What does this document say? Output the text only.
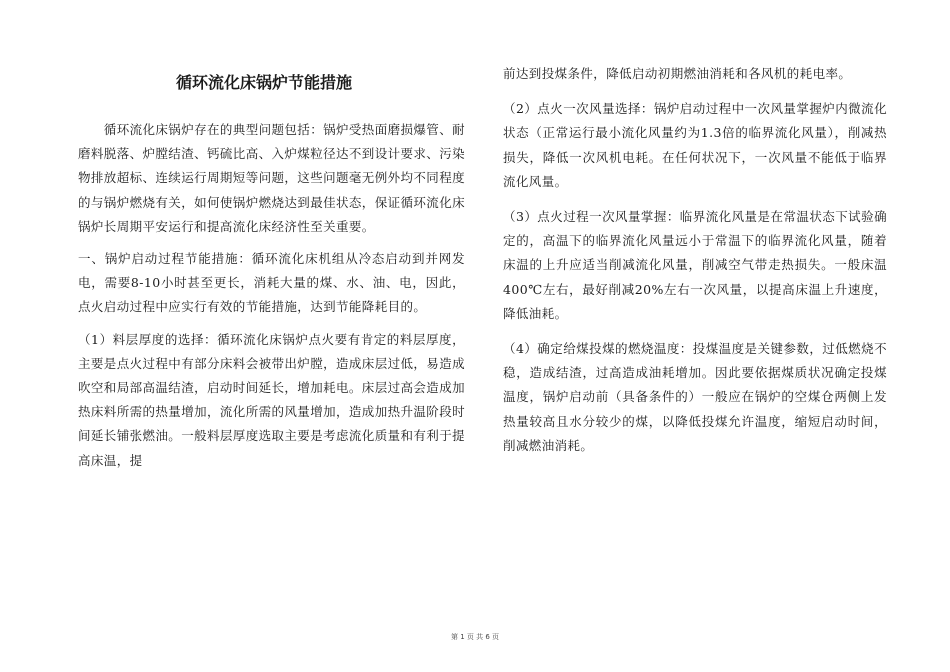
循环流化床锅炉节能措施

　　循环流化床锅炉存在的典型问题包括：锅炉受热面磨损爆管、耐磨料脱落、炉膛结渣、钙硫比高、入炉煤粒径达不到设计要求、污染物排放超标、连续运行周期短等问题，这些问题毫无例外均不同程度的与锅炉燃烧有关，如何使锅炉燃烧达到最佳状态，保证循环流化床锅炉长周期平安运行和提高流化床经济性至关重要。

一、锅炉启动过程节能措施：循环流化床机组从冷态启动到并网发电，需要8-10小时甚至更长，消耗大量的煤、水、油、电，因此，点火启动过程中应实行有效的节能措施，达到节能降耗目的。

（1）料层厚度的选择：循环流化床锅炉点火要有肯定的料层厚度，主要是点火过程中有部分床料会被带出炉膛，造成床层过低，易造成吹空和局部高温结渣，启动时间延长，增加耗电。床层过高会造成加热床料所需的热量增加，流化所需的风量增加，造成加热升温阶段时间延长铺张燃油。一般料层厚度选取主要是考虑流化质量和有利于提高床温，提

前达到投煤条件，降低启动初期燃油消耗和各风机的耗电率。

（2）点火一次风量选择：锅炉启动过程中一次风量掌握炉内微流化状态（正常运行最小流化风量约为1.3倍的临界流化风量），削减热损失，降低一次风机电耗。在任何状况下，一次风量不能低于临界流化风量。

（3）点火过程一次风量掌握：临界流化风量是在常温状态下试验确定的，高温下的临界流化风量远小于常温下的临界流化风量，随着床温的上升应适当削减流化风量，削减空气带走热损失。一般床温400℃左右，最好削减20%左右一次风量，以提高床温上升速度，降低油耗。

（4）确定给煤投煤的燃烧温度：投煤温度是关键参数，过低燃烧不稳，造成结渣，过高造成油耗增加。因此要依据煤质状况确定投煤温度，锅炉启动前（具备条件的）一般应在锅炉的空煤仓两侧上发热量较高且水分较少的煤，以降低投煤允许温度，缩短启动时间，削减燃油消耗。

第 1 页 共 6 页
